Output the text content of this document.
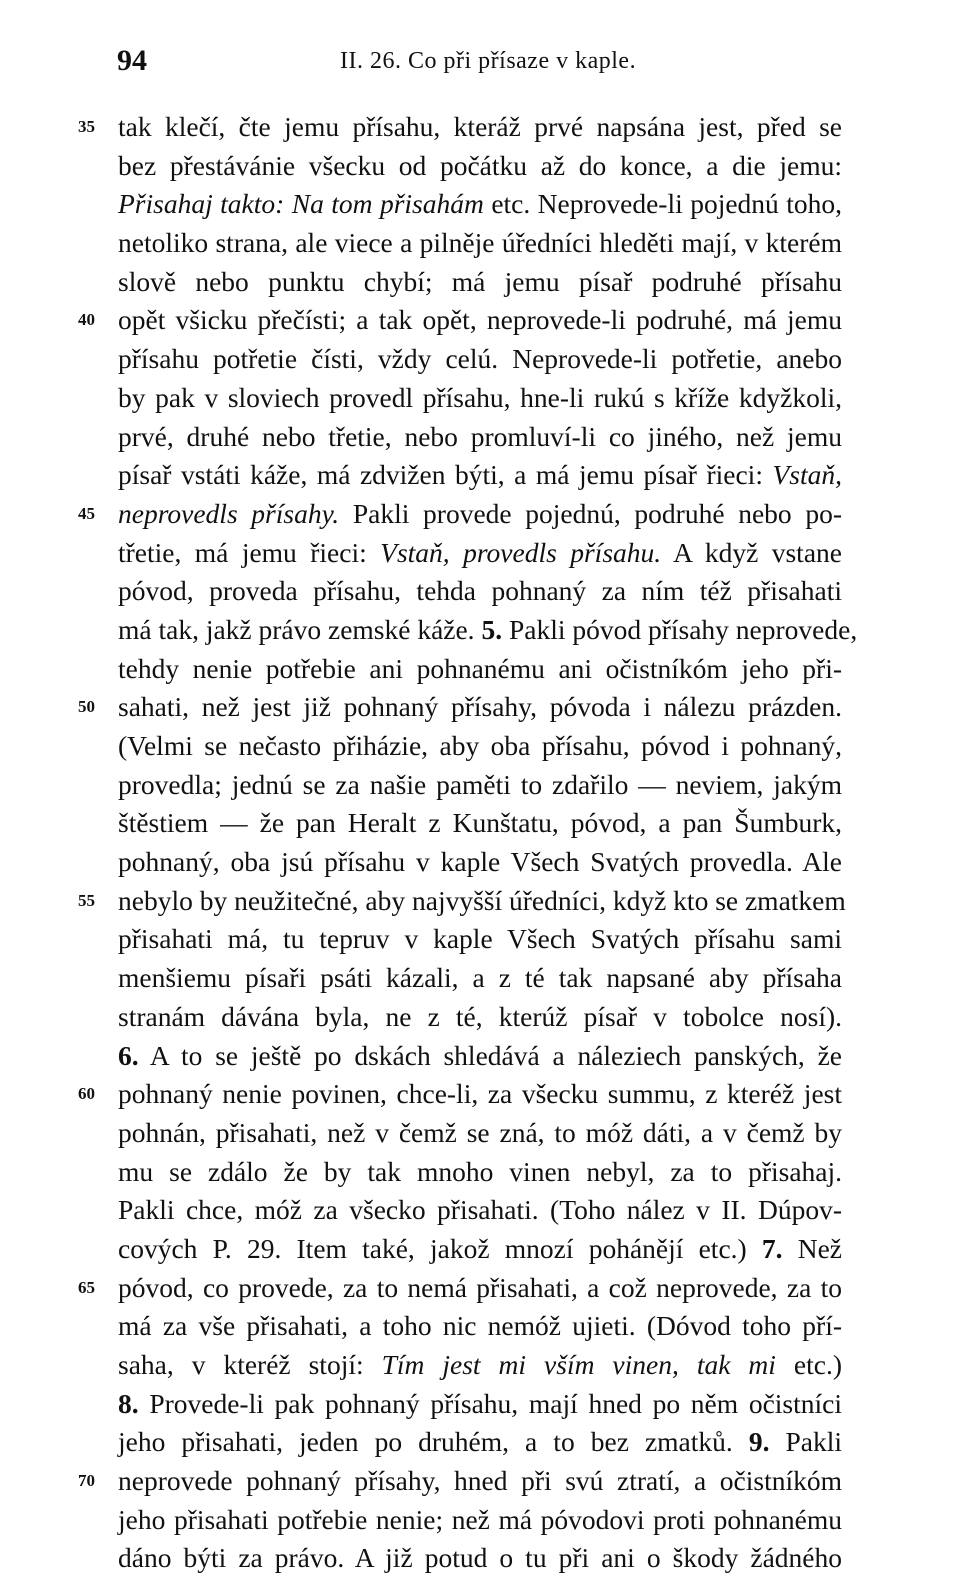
94	II. 26. Co při přísaze v kaple.
35 tak klečí, čte jemu přísahu, kteráž prvé napsána jest, před se
bez přestávánie všecku od počátku až do konce, a die jemu:
Přisahaj takto: Na tom přisahám etc. Neprovede-li pojednú toho,
netoliko strana, ale viece a pilněje úředníci hleděti mají, v kterém
slově nebo punktu chybí; má jemu písař podruhé přísahu
40 opět všicku přečísti; a tak opět, neprovede-li podruhé, má jemu
přísahu potřetie čísti, vždy celú. Neprovede-li potřetie, anebo
by pak v sloviech provedl přísahu, hne-li rukú s kříže kdyžkoli,
prvé, druhé nebo třetie, nebo promluví-li co jiného, než jemu
písař vstáti káže, má zdvižen býti, a má jemu písař řieci: Vstaň,
45 neprovedls přísahy. Pakli provede pojednú, podruhé nebo po-
třetie, má jemu řieci: Vstaň, provedls přísahu. A když vstane
póvod, proveda přísahu, tehda pohnaný za ním též přisahati
má tak, jakž právo zemské káže. 5. Pakli póvod přísahy neprovede,
tehdy nenie potřebie ani pohnanému ani očistníkóm jeho při-
50 sahati, než jest již pohnaný přísahy, póvoda i nálezu prázden.
(Velmi se nečasto přiházie, aby oba přísahu, póvod i pohnaný,
provedla; jednú se za našie paměti to zdařilo — neviem, jakým
štěstiem — že pan Heralt z Kunštatu, póvod, a pan Šumburk,
pohnaný, oba jsú přísahu v kaple Všech Svatých provedla. Ale
55 nebylo by neužitečné, aby najvyšší úředníci, když kto se zmatkem
přisahati má, tu tepruv v kaple Všech Svatých přísahu sami
menšiemu písaři psáti kázali, a z té tak napsané aby přísaha
stranám dávána byla, ne z té, kterúž písař v tobolce nosí).
6. A to se ještě po dskách shledává a náleziech panských, že
60 pohnaný nenie povinen, chce-li, za všecku summu, z kteréž jest
pohnán, přisahati, než v čemž se zná, to móž dáti, a v čemž by
mu se zdálo že by tak mnoho vinen nebyl, za to přisahaj.
Pakli chce, móž za všecko přisahati. (Toho nález v II. Dúpov-
cových P. 29. Item také, jakož mnozí pohánějí etc.) 7. Než
65 póvod, co provede, za to nemá přisahati, a což neprovede, za to
má za vše přisahati, a toho nic nemóž ujieti. (Dóvod toho pří-
saha, v kteréž stojí: Tím jest mi vším vinen, tak mi etc.)
8. Provede-li pak pohnaný přísahu, mají hned po něm očistníci
jeho přisahati, jeden po druhém, a to bez zmatků. 9. Pakli
70 neprovede pohnaný přísahy, hned při svú ztratí, a očistníkóm
jeho přisahati potřebie nenie; než má póvodovi proti pohnanému
dáno býti za právo. A již potud o tu při ani o škody žádného
